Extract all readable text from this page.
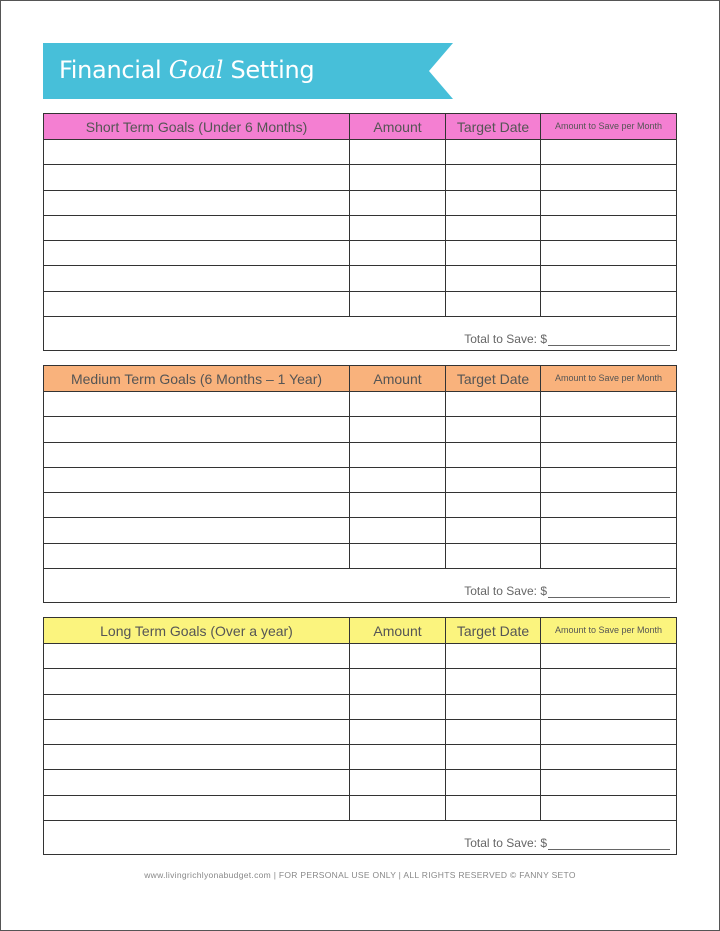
Financial Goal Setting
Short Term Goals (Under 6 Months)	Amount	Target Date	Amount to Save per Month

Total to Save: $			
Medium Term Goals (6 Months – 1 Year)	Amount	Target Date	Amount to Save per Month

Total to Save: $			
Long Term Goals (Over a year)	Amount	Target Date	Amount to Save per Month

Total to Save: $			
www.livingrichlyonabudget.com | FOR PERSONAL USE ONLY | ALL RIGHTS RESERVED © FANNY SETO
